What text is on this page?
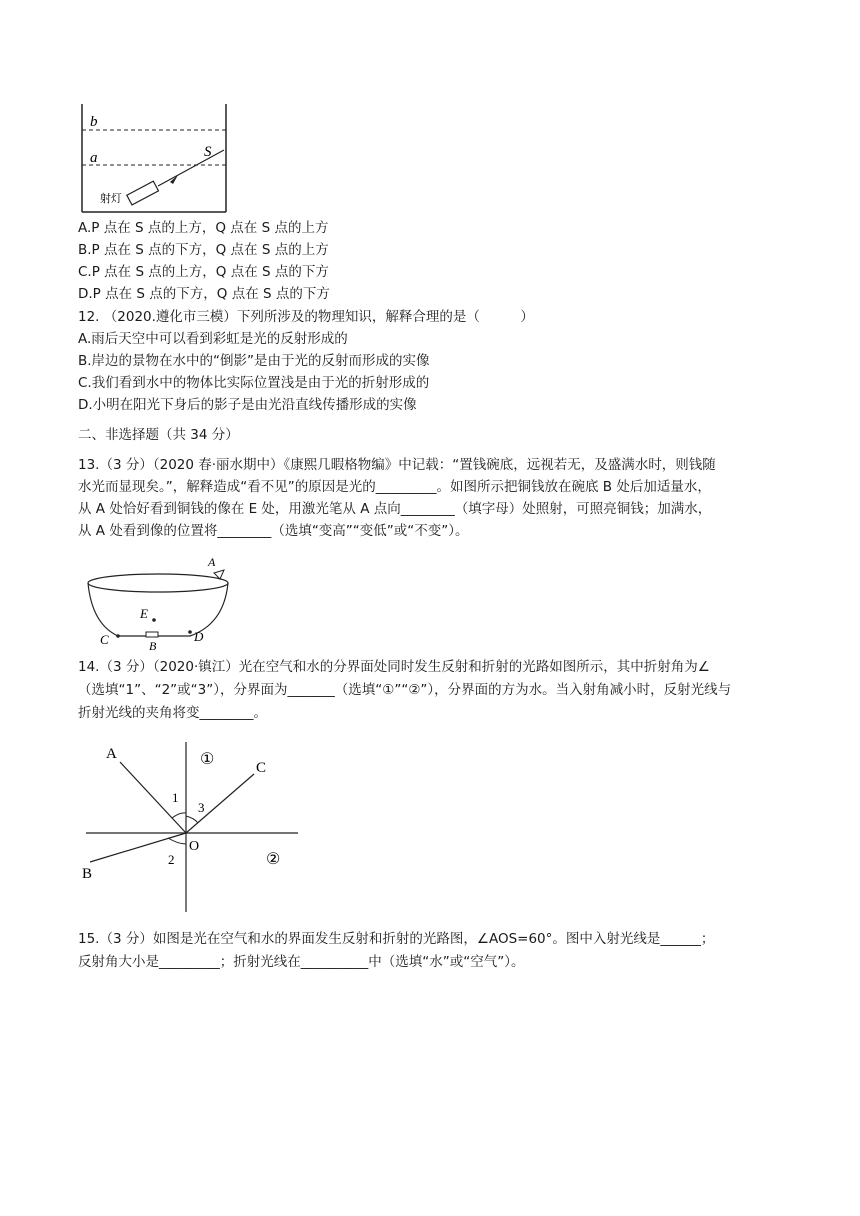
b
a	S
射灯
A.P 点在 S 点的上方，Q 点在 S 点的上方
B.P 点在 S 点的下方，Q 点在 S 点的上方
C.P 点在 S 点的上方，Q 点在 S 点的下方
D.P 点在 S 点的下方，Q 点在 S 点的下方
12. （2020.遵化市三模）下列所涉及的物理知识，解释合理的是（　　　）
A.雨后天空中可以看到彩虹是光的反射形成的
B.岸边的景物在水中的“倒影”是由于光的反射而形成的实像
C.我们看到水中的物体比实际位置浅是由于光的折射形成的
D.小明在阳光下身后的影子是由光沿直线传播形成的实像
二、非选择题（共 34 分）
13.（3 分）（2020 春·丽水期中）《康熙几暇格物编》中记载：“置钱碗底，远视若无，及盛满水时，则钱随
水光而显现矣。”，解释造成“看不见”的原因是光的_________。如图所示把铜钱放在碗底 B 处后加适量水，
从 A 处恰好看到铜钱的像在 E 处，用激光笔从 A 点向________（填字母）处照射，可照亮铜钱；加满水，
从 A 处看到像的位置将________（选填“变高”“变低”或“不变”）。
A
E
C	D
B
14.（3 分）（2020·镇江）光在空气和水的分界面处同时发生反射和折射的光路如图所示，其中折射角为∠
（选填“1”、“2”或“3”），分界面为_______（选填“①”“②”），分界面的方为水。当入射角减小时，反射光线与
折射光线的夹角将变________。
A
C
B
O
1
3
2
①
②
15.（3 分）如图是光在空气和水的界面发生反射和折射的光路图，∠AOS=60°。图中入射光线是______；
反射角大小是_________；折射光线在__________中（选填“水”或“空气”）。
